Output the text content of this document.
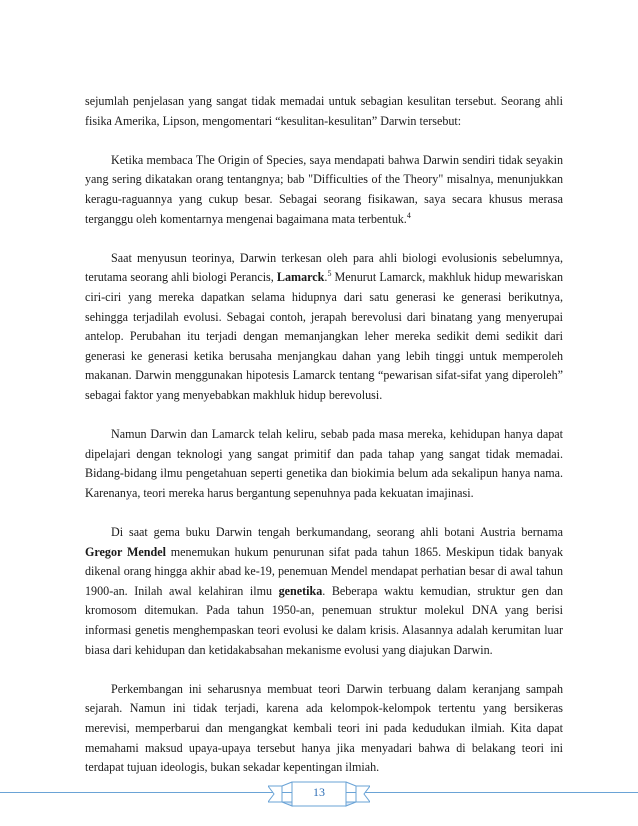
sejumlah penjelasan yang sangat tidak memadai untuk sebagian kesulitan tersebut. Seorang ahli fisika Amerika, Lipson, mengomentari “kesulitan-kesulitan” Darwin tersebut:

Ketika membaca The Origin of Species, saya mendapati bahwa Darwin sendiri tidak seyakin yang sering dikatakan orang tentangnya; bab "Difficulties of the Theory" misalnya, menunjukkan keragu-raguannya yang cukup besar. Sebagai seorang fisikawan, saya secara khusus merasa terganggu oleh komentarnya mengenai bagaimana mata terbentuk.$^4$

Saat menyusun teorinya, Darwin terkesan oleh para ahli biologi evolusionis sebelumnya, terutama seorang ahli biologi Perancis, Lamarck.$^5$ Menurut Lamarck, makhluk hidup mewariskan ciri-ciri yang mereka dapatkan selama hidupnya dari satu generasi ke generasi berikutnya, sehingga terjadilah evolusi. Sebagai contoh, jerapah berevolusi dari binatang yang menyerupai antelop. Perubahan itu terjadi dengan memanjangkan leher mereka sedikit demi sedikit dari generasi ke generasi ketika berusaha menjangkau dahan yang lebih tinggi untuk memperoleh makanan. Darwin menggunakan hipotesis Lamarck tentang “pewarisan sifat-sifat yang diperoleh” sebagai faktor yang menyebabkan makhluk hidup berevolusi.

Namun Darwin dan Lamarck telah keliru, sebab pada masa mereka, kehidupan hanya dapat dipelajari dengan teknologi yang sangat primitif dan pada tahap yang sangat tidak memadai. Bidang-bidang ilmu pengetahuan seperti genetika dan biokimia belum ada sekalipun hanya nama. Karenanya, teori mereka harus bergantung sepenuhnya pada kekuatan imajinasi.

Di saat gema buku Darwin tengah berkumandang, seorang ahli botani Austria bernama Gregor Mendel menemukan hukum penurunan sifat pada tahun 1865. Meskipun tidak banyak dikenal orang hingga akhir abad ke-19, penemuan Mendel mendapat perhatian besar di awal tahun 1900-an. Inilah awal kelahiran ilmu genetika. Beberapa waktu kemudian, struktur gen dan kromosom ditemukan. Pada tahun 1950-an, penemuan struktur molekul DNA yang berisi informasi genetis menghempaskan teori evolusi ke dalam krisis. Alasannya adalah kerumitan luar biasa dari kehidupan dan ketidakabsahan mekanisme evolusi yang diajukan Darwin.

Perkembangan ini seharusnya membuat teori Darwin terbuang dalam keranjang sampah sejarah. Namun ini tidak terjadi, karena ada kelompok-kelompok tertentu yang bersikeras merevisi, memperbarui dan mengangkat kembali teori ini pada kedudukan ilmiah. Kita dapat memahami maksud upaya-upaya tersebut hanya jika menyadari bahwa di belakang teori ini terdapat tujuan ideologis, bukan sekadar kepentingan ilmiah.

13
